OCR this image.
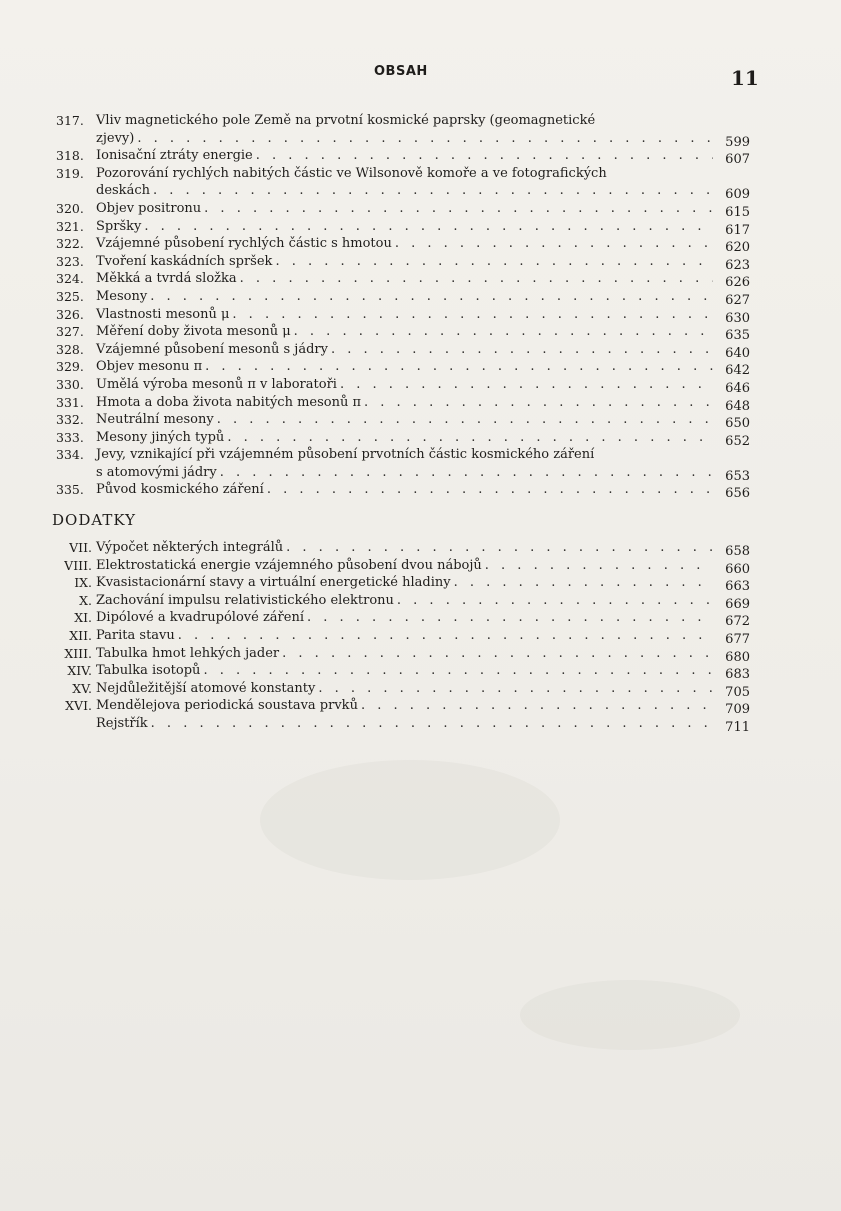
OBSAH	11
317. Vliv magnetického pole Země na prvotní kosmické paprsky (geomagnetické
zjevy) . . .	599
318. Ionisační ztráty energie . . .	607
319. Pozorování rychlých nabitých částic ve Wilsonově komoře a ve fotografických
deskách . . .	609
320. Objev positronu . . .	615
321. Spršky . . .	617
322. Vzájemné působení rychlých částic s hmotou . . .	620
323. Tvoření kaskádních spršek . . .	623
324. Měkká a tvrdá složka . . .	626
325. Mesony . . .	627
326. Vlastnosti mesonů μ . . .	630
327. Měření doby života mesonů μ . . .	635
328. Vzájemné působení mesonů s jádry . . .	640
329. Objev mesonu π . . .	642
330. Umělá výroba mesonů π v laboratoři . . .	646
331. Hmota a doba života nabitých mesonů π . . .	648
332. Neutrální mesony . . .	650
333. Mesony jiných typů . . .	652
334. Jevy, vznikající při vzájemném působení prvotních částic kosmického záření
s atomovými jádry . . .	653
335. Původ kosmického záření . . .	656
DODATKY
VII. Výpočet některých integrálů . . .	658
VIII. Elektrostatická energie vzájemného působení dvou nábojů . . .	660
IX. Kvasistacionární stavy a virtuální energetické hladiny . . .	663
X. Zachování impulsu relativistického elektronu . . .	669
XI. Dipólové a kvadrupólové záření . . .	672
XII. Parita stavu . . .	677
XIII. Tabulka hmot lehkých jader . . .	680
XIV. Tabulka isotopů . . .	683
XV. Nejdůležitější atomové konstanty . . .	705
XVI. Mendělejova periodická soustava prvků . . .	709
Rejstřík . . .	711
